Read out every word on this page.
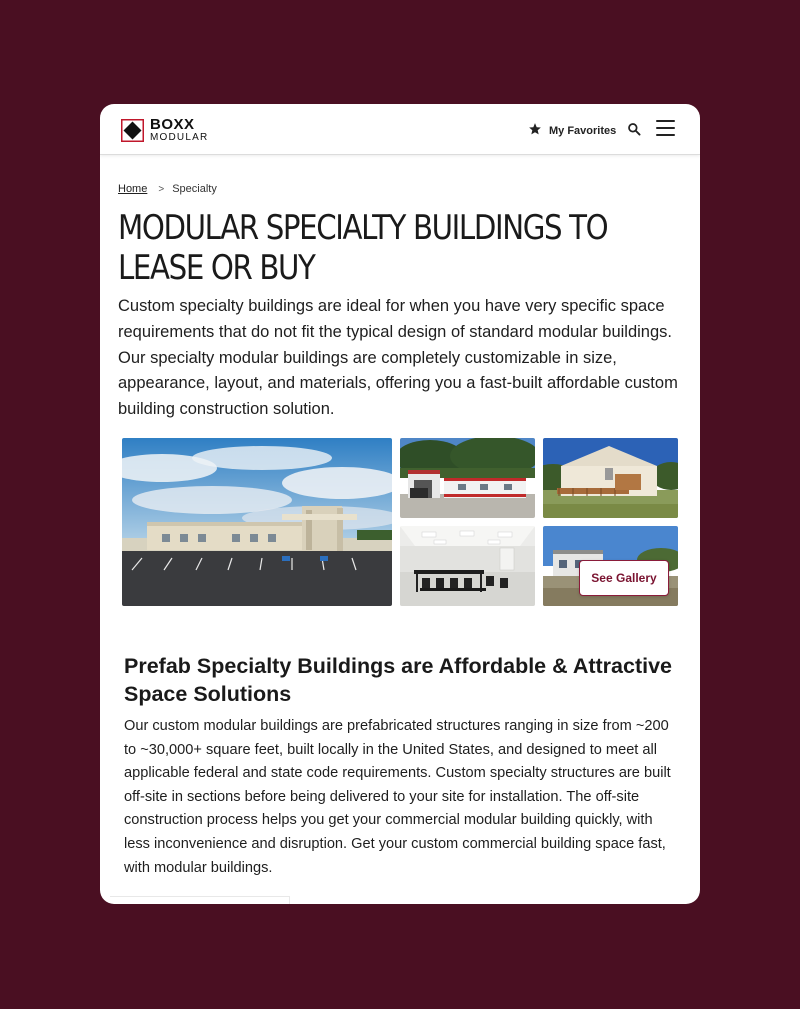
BOXX
MODULAR
My Favorites
Home > Specialty
MODULAR SPECIALTY BUILDINGS TO LEASE OR BUY

Custom specialty buildings are ideal for when you have very specific space requirements that do not fit the typical design of standard modular buildings. Our specialty modular buildings are completely customizable in size, appearance, layout, and materials, offering you a fast-built affordable custom building construction solution.

See Gallery
Prefab Specialty Buildings are Affordable & Attractive Space Solutions

Our custom modular buildings are prefabricated structures ranging in size from ~200 to ~30,000+ square feet, built locally in the United States, and designed to meet all applicable federal and state code requirements. Custom specialty structures are built off-site in sections before being delivered to your site for installation. The off-site construction process helps you get your commercial modular building quickly, with less inconvenience and disruption. Get your custom commercial building space fast, with modular buildings.
